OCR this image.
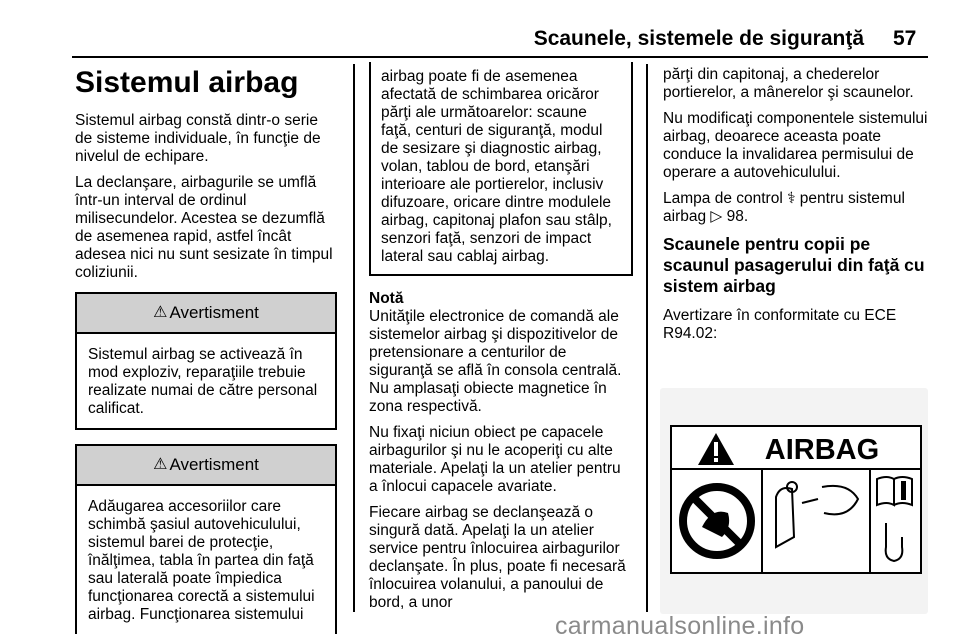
Scaunele, sistemele de siguranţă 57
Sistemul airbag

Sistemul airbag constă dintr-o serie de sisteme individuale, în funcţie de nivelul de echipare.

La declanşare, airbagurile se umflă într-un interval de ordinul milisecundelor. Acestea se dezumflă de asemenea rapid, astfel încât adesea nici nu sunt sesizate în timpul coliziunii.

⚠ Avertisment
Sistemul airbag se activează în mod exploziv, reparaţiile trebuie realizate numai de către personal calificat.
⚠ Avertisment
Adăugarea accesoriilor care schimbă şasiul autovehiculului, sistemul barei de protecţie, înălţimea, tabla în partea din faţă sau laterală poate împiedica funcţionarea corectă a sistemului airbag. Funcţionarea sistemului
airbag poate fi de asemenea afectată de schimbarea oricăror părţi ale următoarelor: scaune faţă, centuri de siguranţă, modul de sesizare şi diagnostic airbag, volan, tablou de bord, etanşări interioare ale portierelor, inclusiv difuzoare, oricare dintre modulele airbag, capitonaj plafon sau stâlp, senzori faţă, senzori de impact lateral sau cablaj airbag.
Notă

Unităţile electronice de comandă ale sistemelor airbag şi dispozitivelor de pretensionare a centurilor de siguranţă se află în consola centrală. Nu amplasaţi obiecte magnetice în zona respectivă.

Nu fixaţi niciun obiect pe capacele airbagurilor şi nu le acoperiţi cu alte materiale. Apelaţi la un atelier pentru a înlocui capacele avariate.

Fiecare airbag se declanşează o singură dată. Apelaţi la un atelier service pentru înlocuirea airbagurilor declanşate. În plus, poate fi necesară înlocuirea volanului, a panoului de bord, a unor

părţi din capitonaj, a chederelor portierelor, a mânerelor şi scaunelor.

Nu modificaţi componentele sistemului airbag, deoarece aceasta poate conduce la invalidarea permisului de operare a autovehiculului.

Lampa de control ⚕ pentru sistemul airbag ▷ 98.

Scaunele pentru copii pe scaunul pasagerului din faţă cu sistem airbag

Avertizare în conformitate cu ECE R94.02:

AIRBAG
carmanualsonline.info
